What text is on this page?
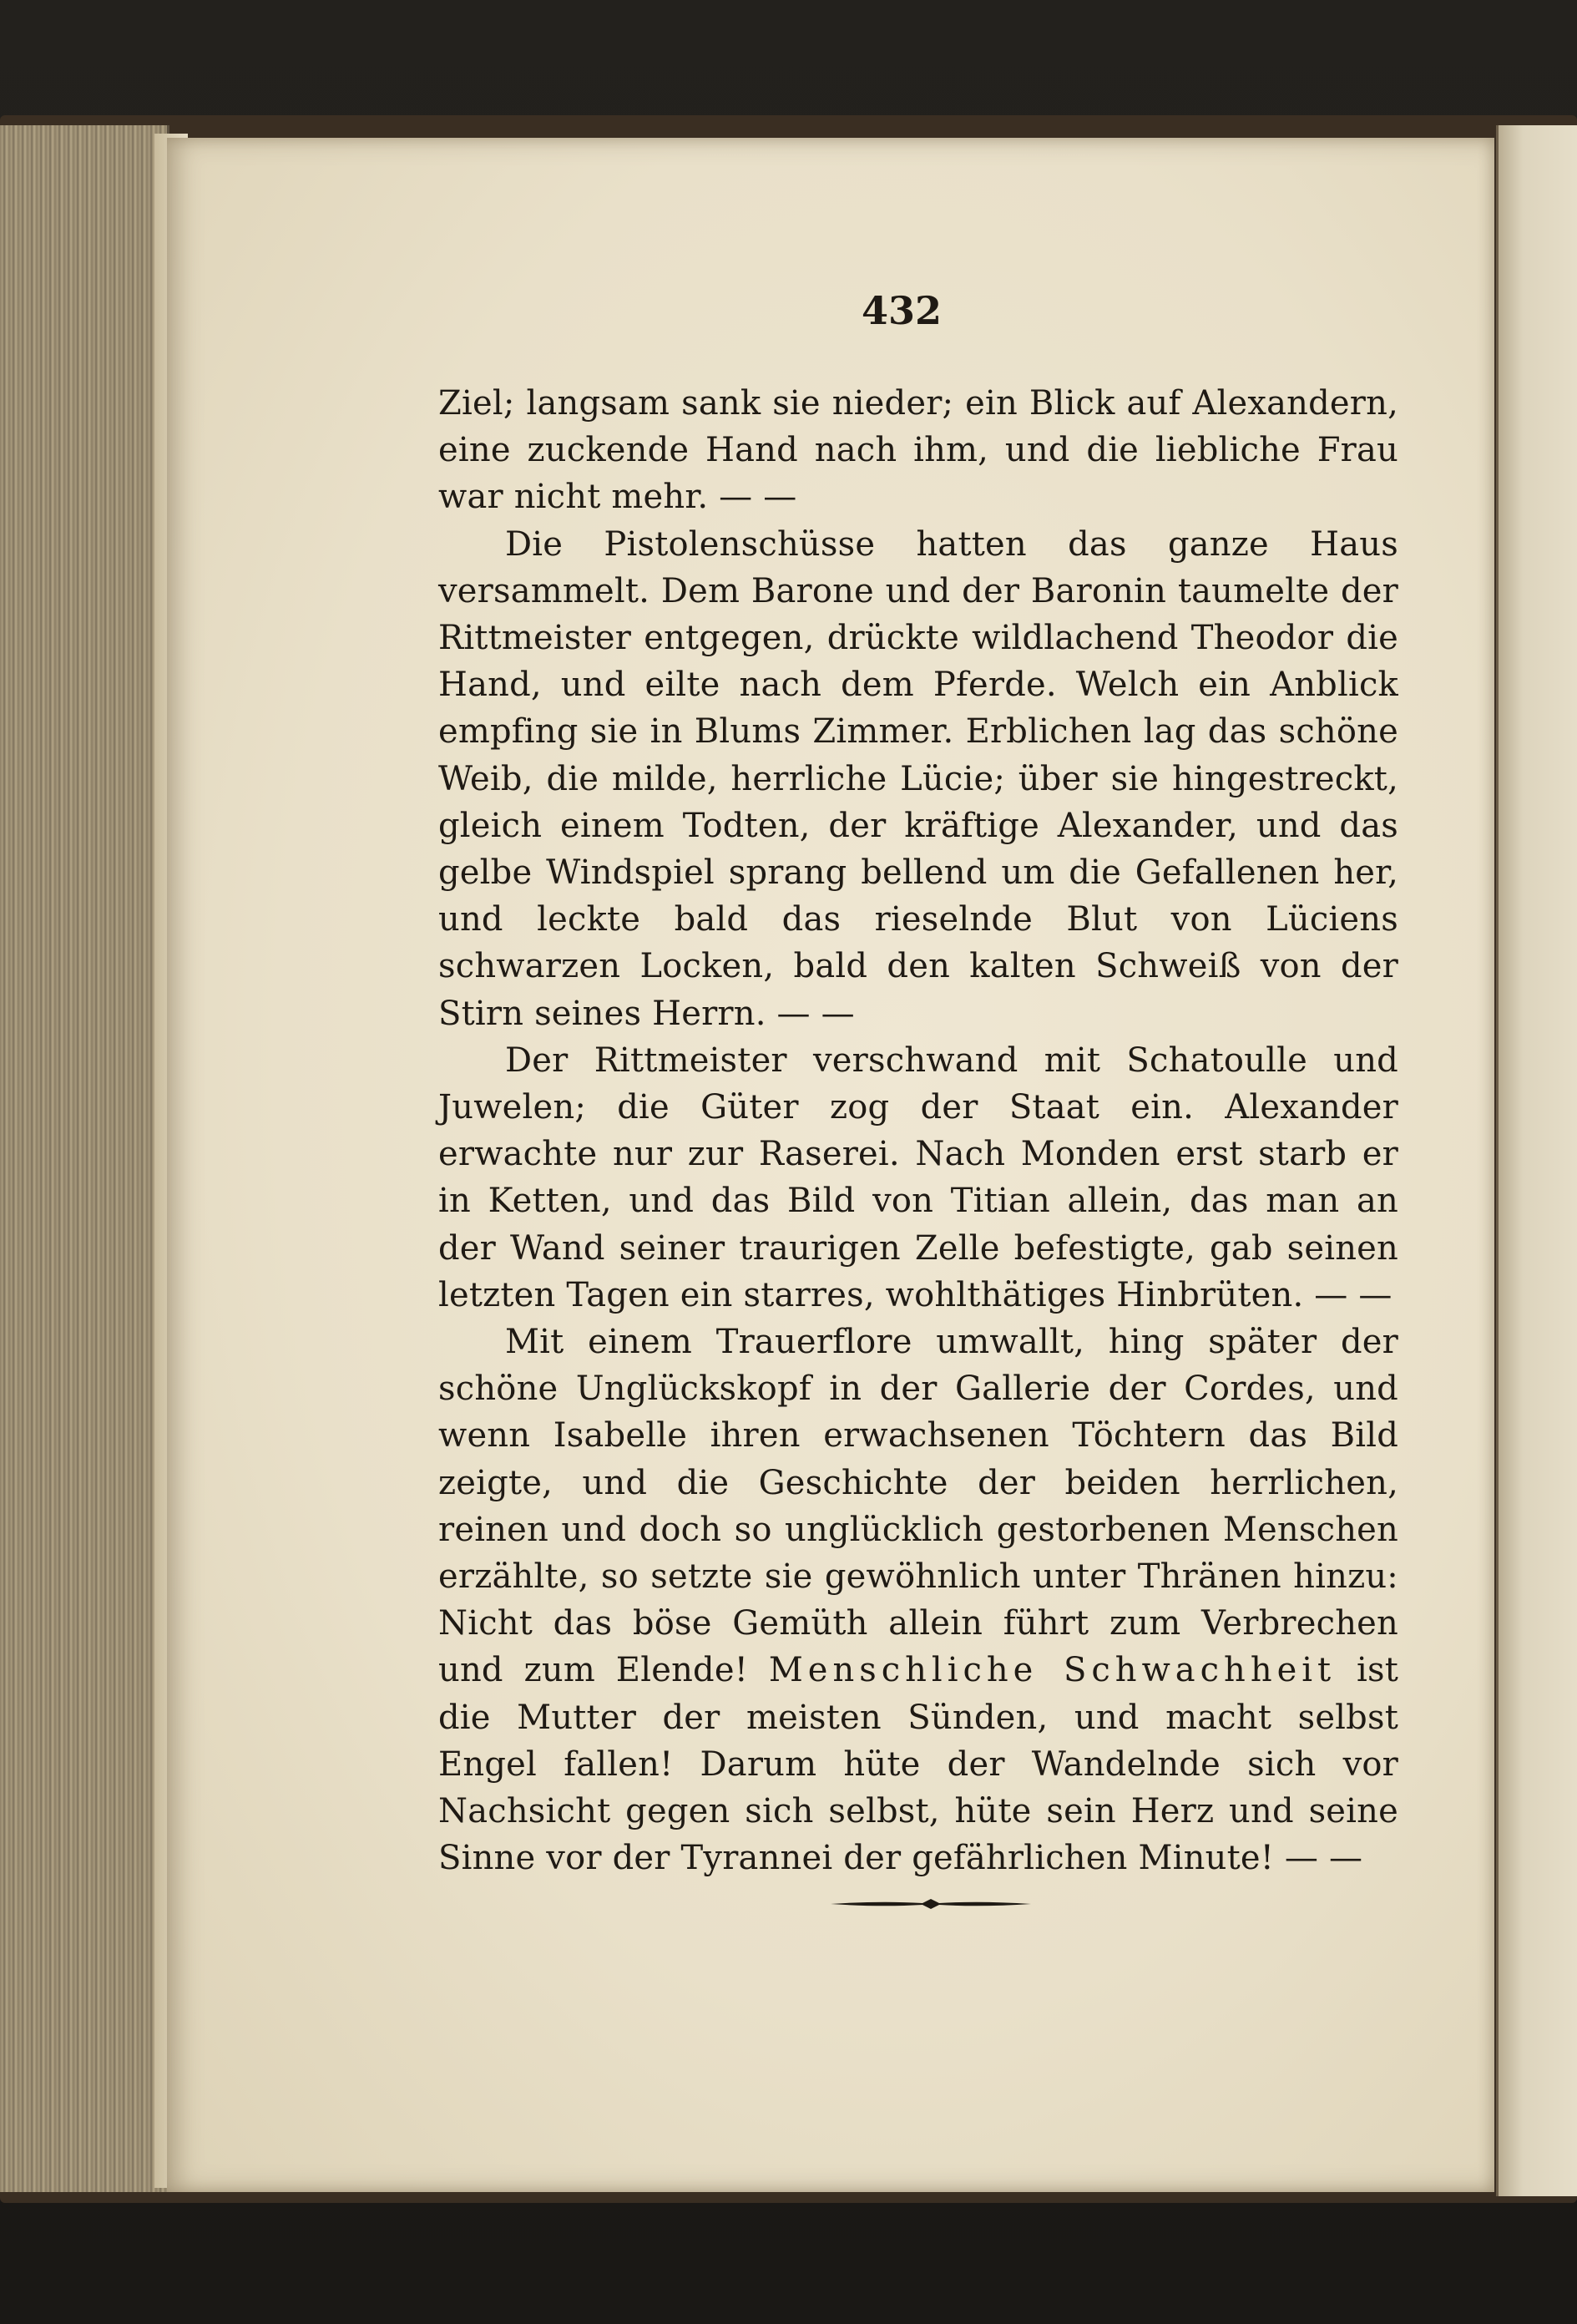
432

Ziel; langsam sank sie nieder; ein Blick auf Alexandern, eine zuckende Hand nach ihm, und die liebliche Frau war nicht mehr. — —

Die Pistolenschüsse hatten das ganze Haus versammelt. Dem Barone und der Baronin taumelte der Rittmeister entgegen, drückte wildlachend Theodor die Hand, und eilte nach dem Pferde. Welch ein Anblick empfing sie in Blums Zimmer. Erblichen lag das schöne Weib, die milde, herrliche Lücie; über sie hingestreckt, gleich einem Todten, der kräftige Alexander, und das gelbe Windspiel sprang bellend um die Gefallenen her, und leckte bald das rieselnde Blut von Lüciens schwarzen Locken, bald den kalten Schweiß von der Stirn seines Herrn. — —

Der Rittmeister verschwand mit Schatoulle und Juwelen; die Güter zog der Staat ein. Alexander erwachte nur zur Raserei. Nach Monden erst starb er in Ketten, und das Bild von Titian allein, das man an der Wand seiner traurigen Zelle befestigte, gab seinen letzten Tagen ein starres, wohlthätiges Hinbrüten. — —

Mit einem Trauerflore umwallt, hing später der schöne Unglückskopf in der Gallerie der Cordes, und wenn Isabelle ihren erwachsenen Töchtern das Bild zeigte, und die Geschichte der beiden herrlichen, reinen und doch so unglücklich gestorbenen Menschen erzählte, so setzte sie gewöhnlich unter Thränen hinzu: Nicht das böse Gemüth allein führt zum Verbrechen und zum Elende! Menschliche Schwachheit ist die Mutter der meisten Sünden, und macht selbst Engel fallen! Darum hüte der Wandelnde sich vor Nachsicht gegen sich selbst, hüte sein Herz und seine Sinne vor der Tyrannei der gefährlichen Minute! — —
